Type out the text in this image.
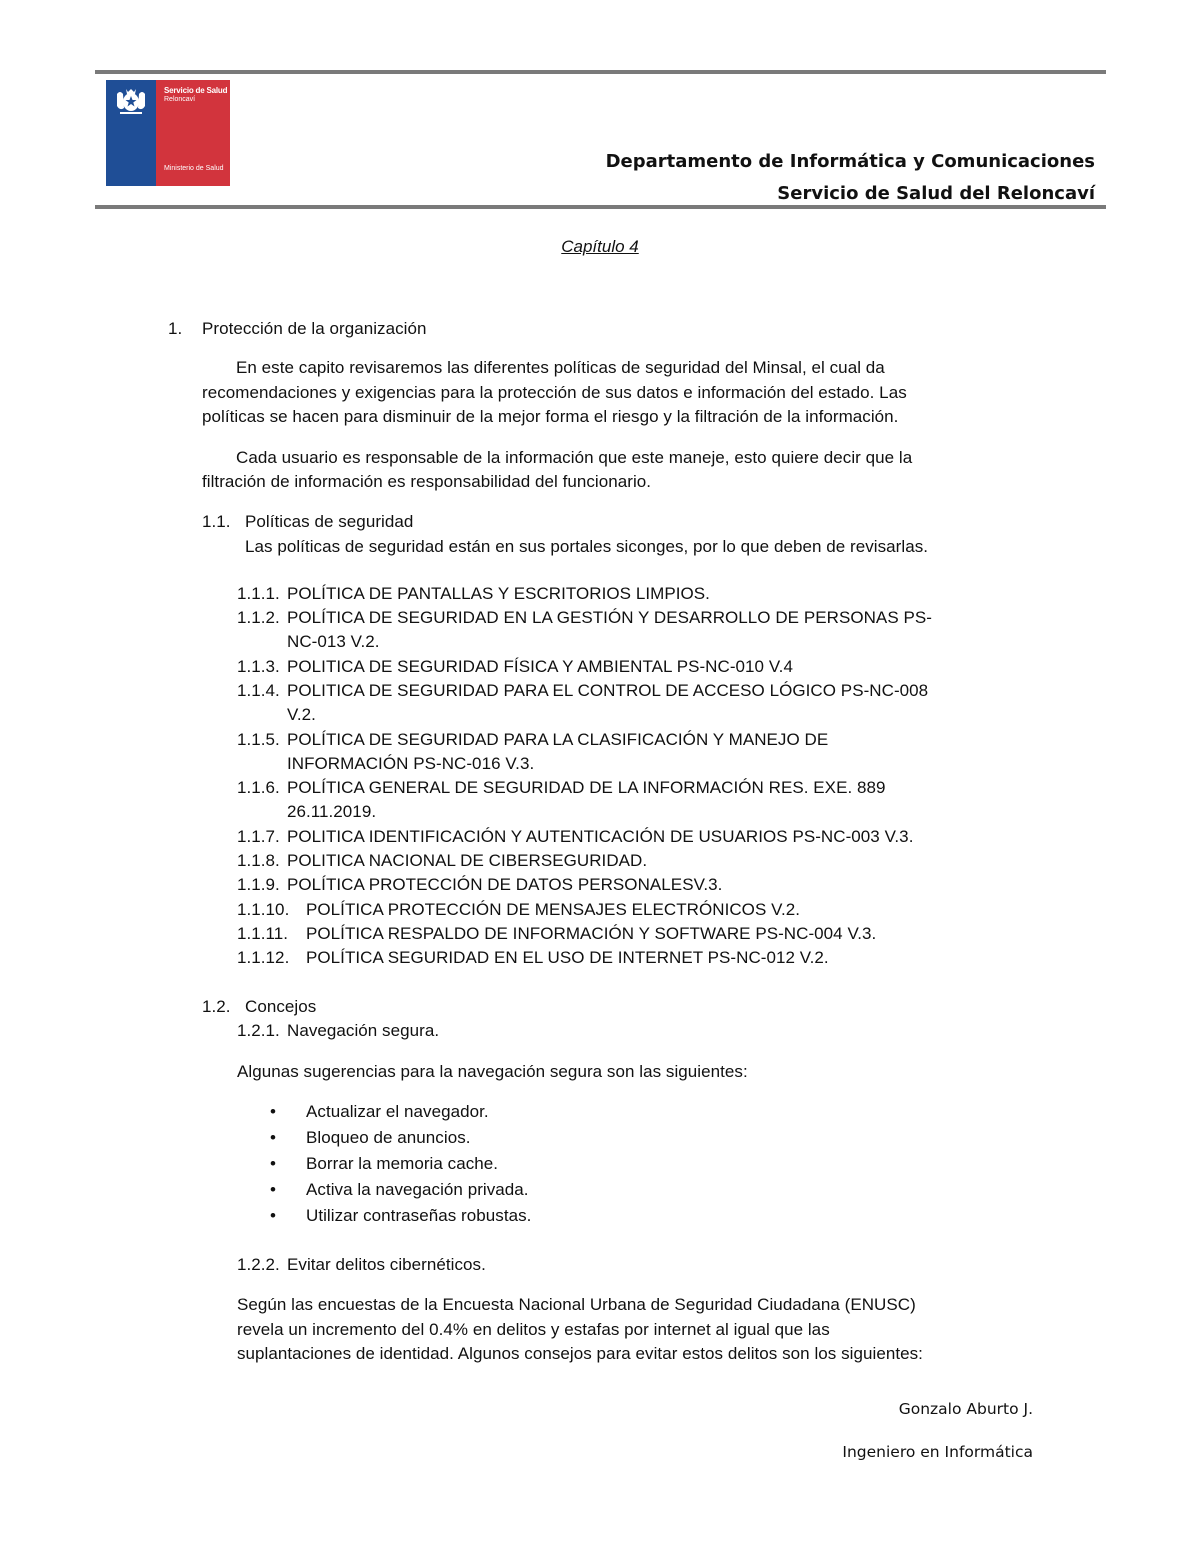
Servicio de Salud
Reloncaví
Ministerio de Salud	Departamento de Informática y Comunicaciones
Servicio de Salud del Reloncaví
Capítulo 4
1. Protección de la organización
En este capito revisaremos las diferentes políticas de seguridad del Minsal, el cual da
recomendaciones y exigencias para la protección de sus datos e información del estado. Las
políticas se hacen para disminuir de la mejor forma el riesgo y la filtración de la información.
Cada usuario es responsable de la información que este maneje, esto quiere decir que la
filtración de información es responsabilidad del funcionario.
1.1. Políticas de seguridad
Las políticas de seguridad están en sus portales siconges, por lo que deben de revisarlas.
1.1.1. POLÍTICA DE PANTALLAS Y ESCRITORIOS LIMPIOS.
1.1.2. POLÍTICA DE SEGURIDAD EN LA GESTIÓN Y DESARROLLO DE PERSONAS PS-
NC-013 V.2.
1.1.3. POLITICA DE SEGURIDAD FÍSICA Y AMBIENTAL PS-NC-010 V.4
1.1.4. POLITICA DE SEGURIDAD PARA EL CONTROL DE ACCESO LÓGICO PS-NC-008
V.2.
1.1.5. POLÍTICA DE SEGURIDAD PARA LA CLASIFICACIÓN Y MANEJO DE
INFORMACIÓN PS-NC-016 V.3.
1.1.6. POLÍTICA GENERAL DE SEGURIDAD DE LA INFORMACIÓN RES. EXE. 889
26.11.2019.
1.1.7. POLITICA IDENTIFICACIÓN Y AUTENTICACIÓN DE USUARIOS PS-NC-003 V.3.
1.1.8. POLITICA NACIONAL DE CIBERSEGURIDAD.
1.1.9. POLÍTICA PROTECCIÓN DE DATOS PERSONALESV.3.
1.1.10. POLÍTICA PROTECCIÓN DE MENSAJES ELECTRÓNICOS V.2.
1.1.11. POLÍTICA RESPALDO DE INFORMACIÓN Y SOFTWARE PS-NC-004 V.3.
1.1.12. POLÍTICA SEGURIDAD EN EL USO DE INTERNET PS-NC-012 V.2.
1.2. Concejos
1.2.1. Navegación segura.
Algunas sugerencias para la navegación segura son las siguientes:
• Actualizar el navegador.
• Bloqueo de anuncios.
• Borrar la memoria cache.
• Activa la navegación privada.
• Utilizar contraseñas robustas.
1.2.2. Evitar delitos cibernéticos.
Según las encuestas de la Encuesta Nacional Urbana de Seguridad Ciudadana (ENUSC)
revela un incremento del 0.4% en delitos y estafas por internet al igual que las
suplantaciones de identidad. Algunos consejos para evitar estos delitos son los siguientes:
Gonzalo Aburto J.
Ingeniero en Informática
